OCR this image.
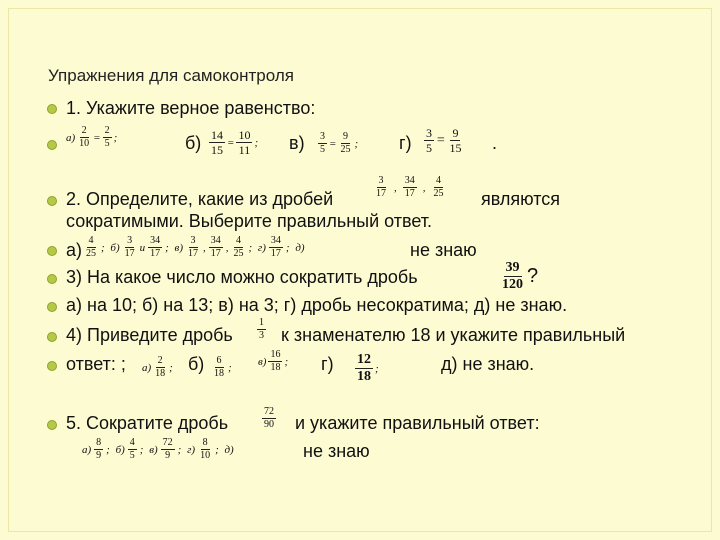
Упражнения для самоконтроля
1. Укажите верное равенство:
$а) \frac{2}{10} = \frac{2}{5}$ ;	$б) \frac{14}{15} = \frac{10}{11}$ ; $в) \frac{3}{5} = \frac{9}{25}$ ; $г) \frac{3}{5} = \frac{9}{15}$ .
2. Определите, какие из дробей	$\frac{3}{17}$ , $\frac{34}{17}$ , $\frac{4}{25}$ являются
сократимыми. Выберите правильный ответ.
$а) \frac{4}{25}$ ; $б) \frac{3}{17}$ и $\frac{34}{17}$ ; $в) \frac{3}{17}$ , $\frac{34}{17}$ , $\frac{4}{25}$ ; $г) \frac{34}{17}$ ; д)	не знаю
3) На какое число можно сократить дробь	$\frac{39}{120}$ ?
а) на 10; б) на 13; в) на 3; г) дробь несократима; д) не знаю.
4) Приведите дробь $\frac{1}{3}$ к знаменателю 18 и укажите правильный
ответ: ; $а) \frac{2}{18}$ ; $б) \frac{6}{18}$ ; $в) \frac{16}{18}$ ; $г) \frac{12}{18}$ ;	д) не знаю.
5. Сократите дробь	$\frac{72}{90}$ и укажите правильный ответ:
$а) \frac{8}{9}$ ; $б) \frac{4}{5}$ ; $в) \frac{72}{9}$ ; $г) \frac{8}{10}$ ; д)	не знаю
